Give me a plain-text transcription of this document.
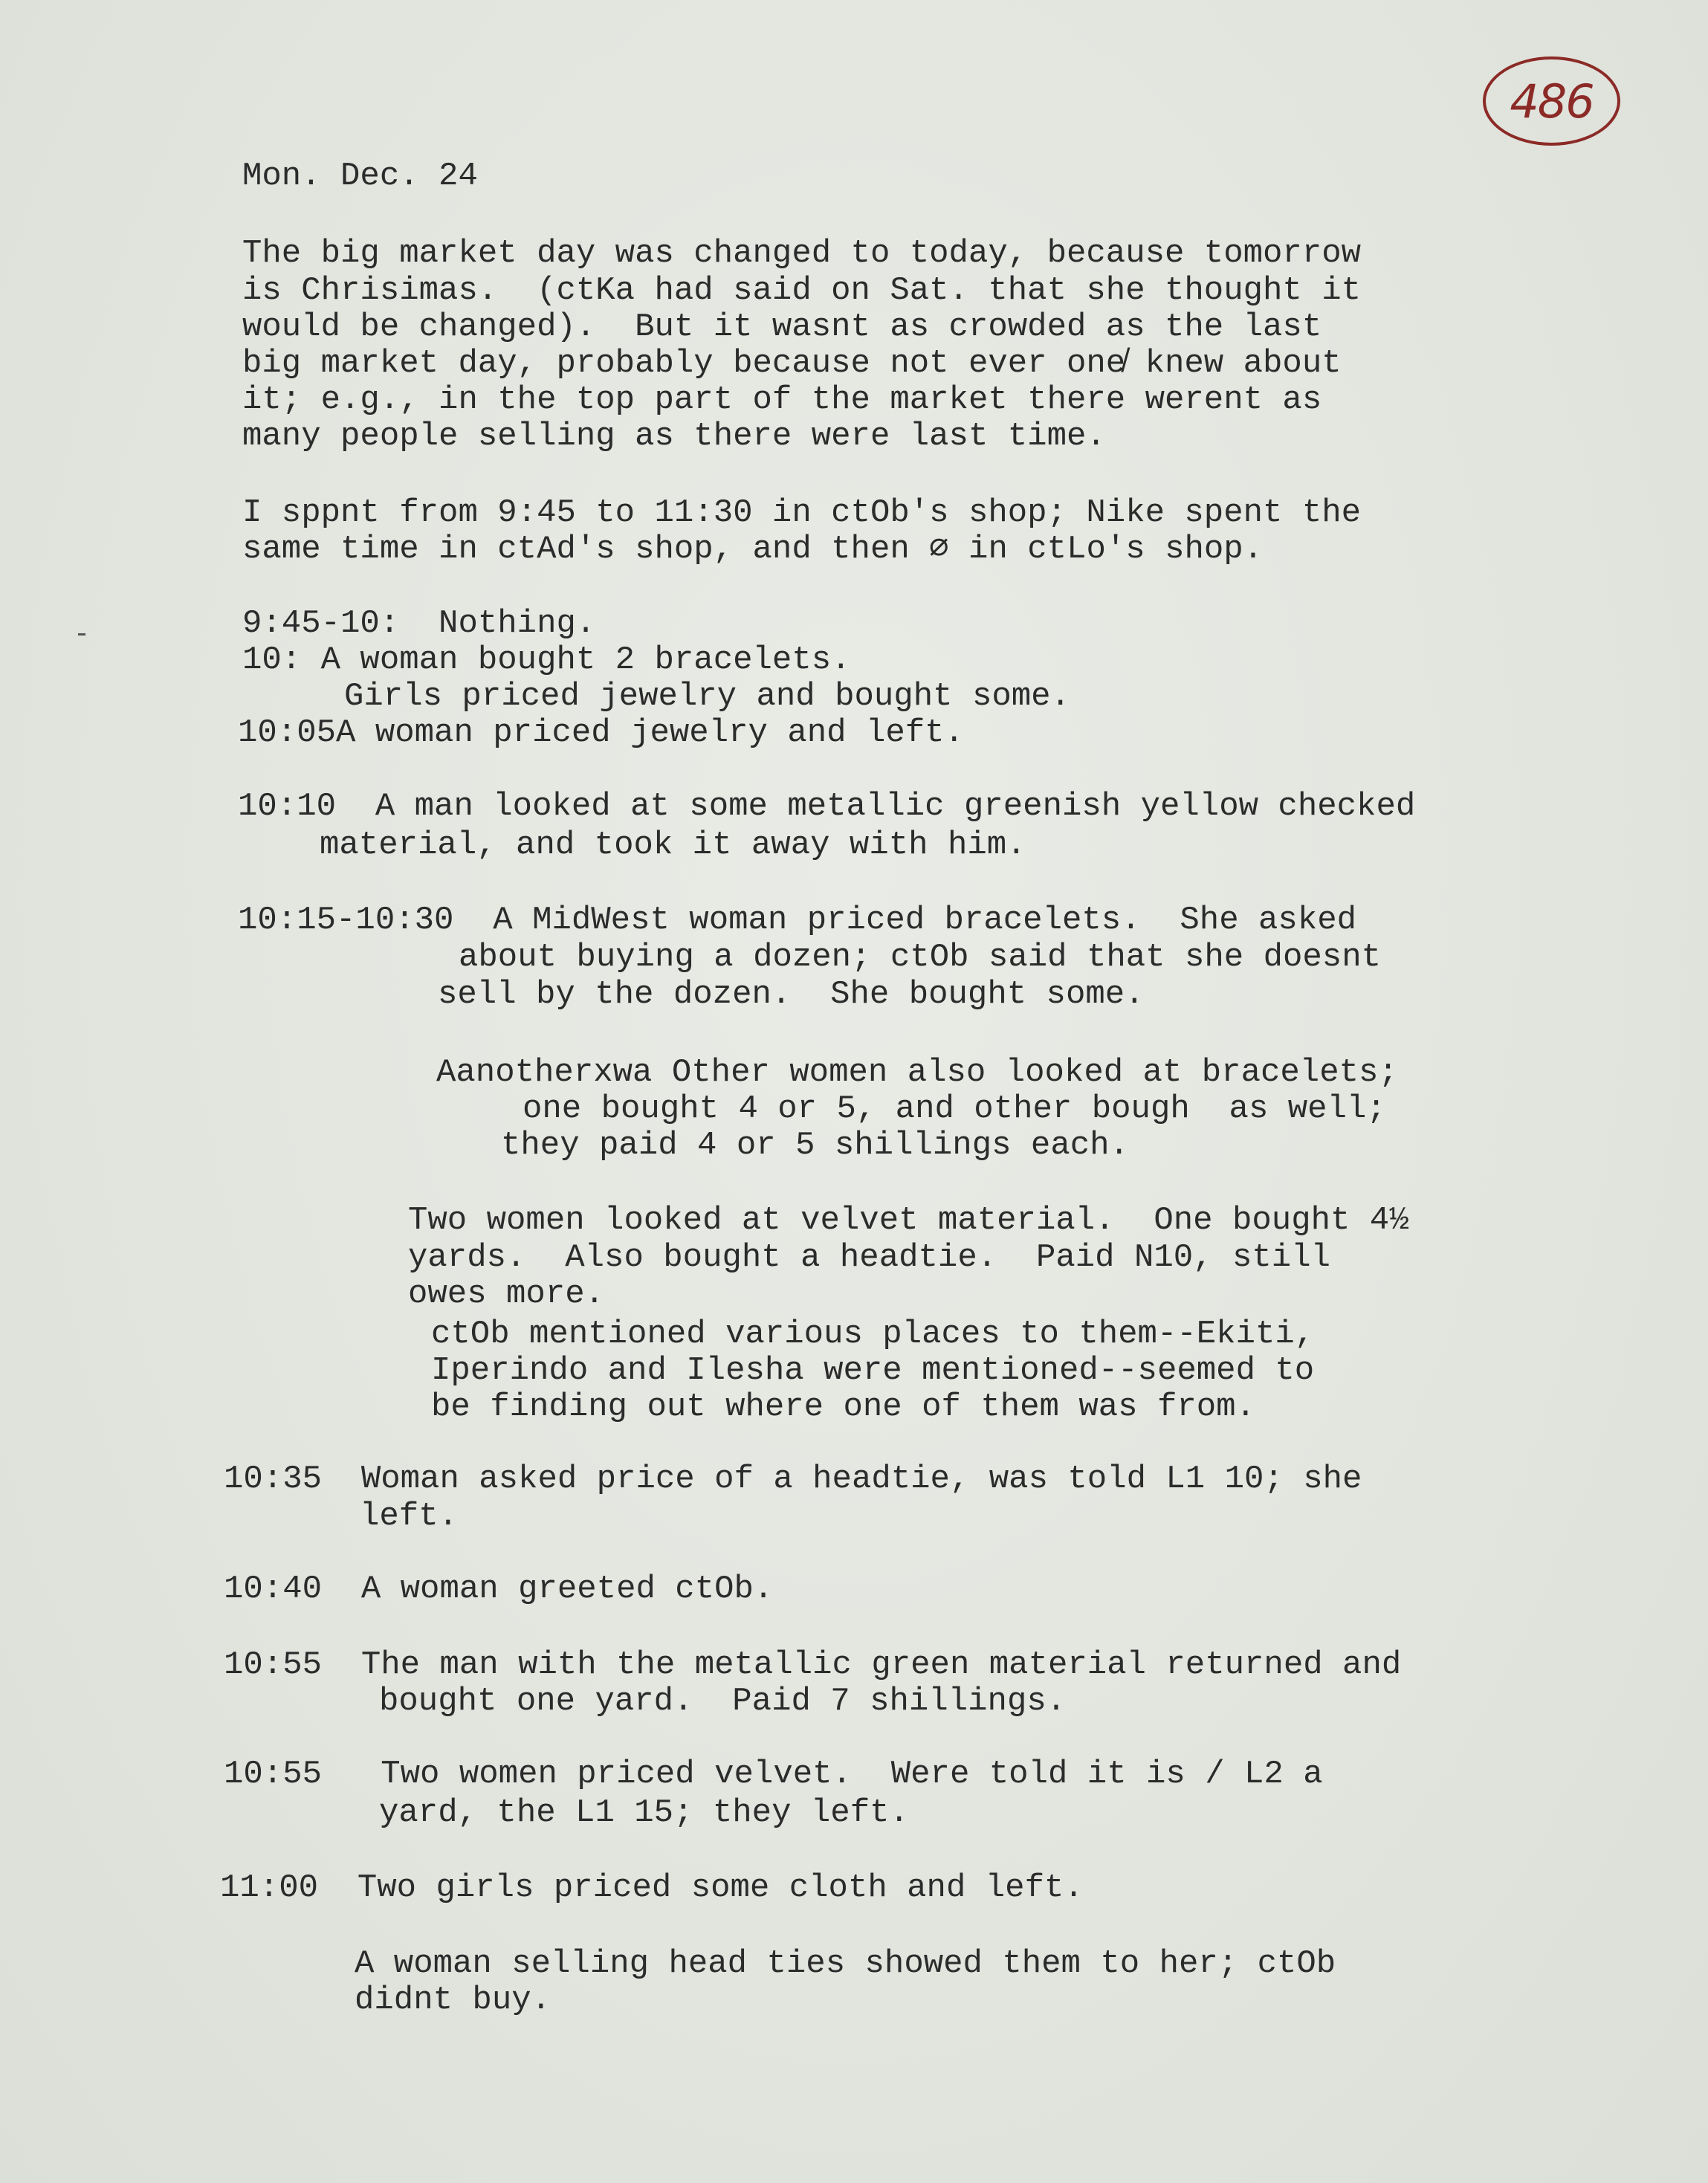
486
Mon. Dec. 24
The big market day was changed to today, because tomorrow
is Chrisimas.  (ctKa had said on Sat. that she thought it
would be changed).  But it wasnt as crowded as the last
big market day, probably because not ever one̸ knew about
it; e.g., in the top part of the market there werent as
many people selling as there were last time.
I sppnt from 9:45 to 11:30 in ctOb's shop; Nike spent the
same time in ctAd's shop, and then ∅ in ctLo's shop.
9:45-10:  Nothing.
10: A woman bought 2 bracelets.
Girls priced jewelry and bought some.
10:05A woman priced jewelry and left.
10:10  A man looked at some metallic greenish yellow checked
material, and took it away with him.
10:15-10:30  A MidWest woman priced bracelets.  She asked
about buying a dozen; ctOb said that she doesnt
sell by the dozen.  She bought some.
Aanotherxwa Other women also looked at bracelets;
one bought 4 or 5, and other bough  as well;
they paid 4 or 5 shillings each.
Two women looked at velvet material.  One bought 4½
yards.  Also bought a headtie.  Paid N10, still
owes more.
ctOb mentioned various places to them--Ekiti,
Iperindo and Ilesha were mentioned--seemed to
be finding out where one of them was from.
10:35  Woman asked price of a headtie, was told L1 10; she
left.
10:40  A woman greeted ctOb.
10:55  The man with the metallic green material returned and
bought one yard.  Paid 7 shillings.
10:55   Two women priced velvet.  Were told it is / L2 a
yard, the L1 15; they left.
11:00  Two girls priced some cloth and left.
A woman selling head ties showed them to her; ctOb
didnt buy.
